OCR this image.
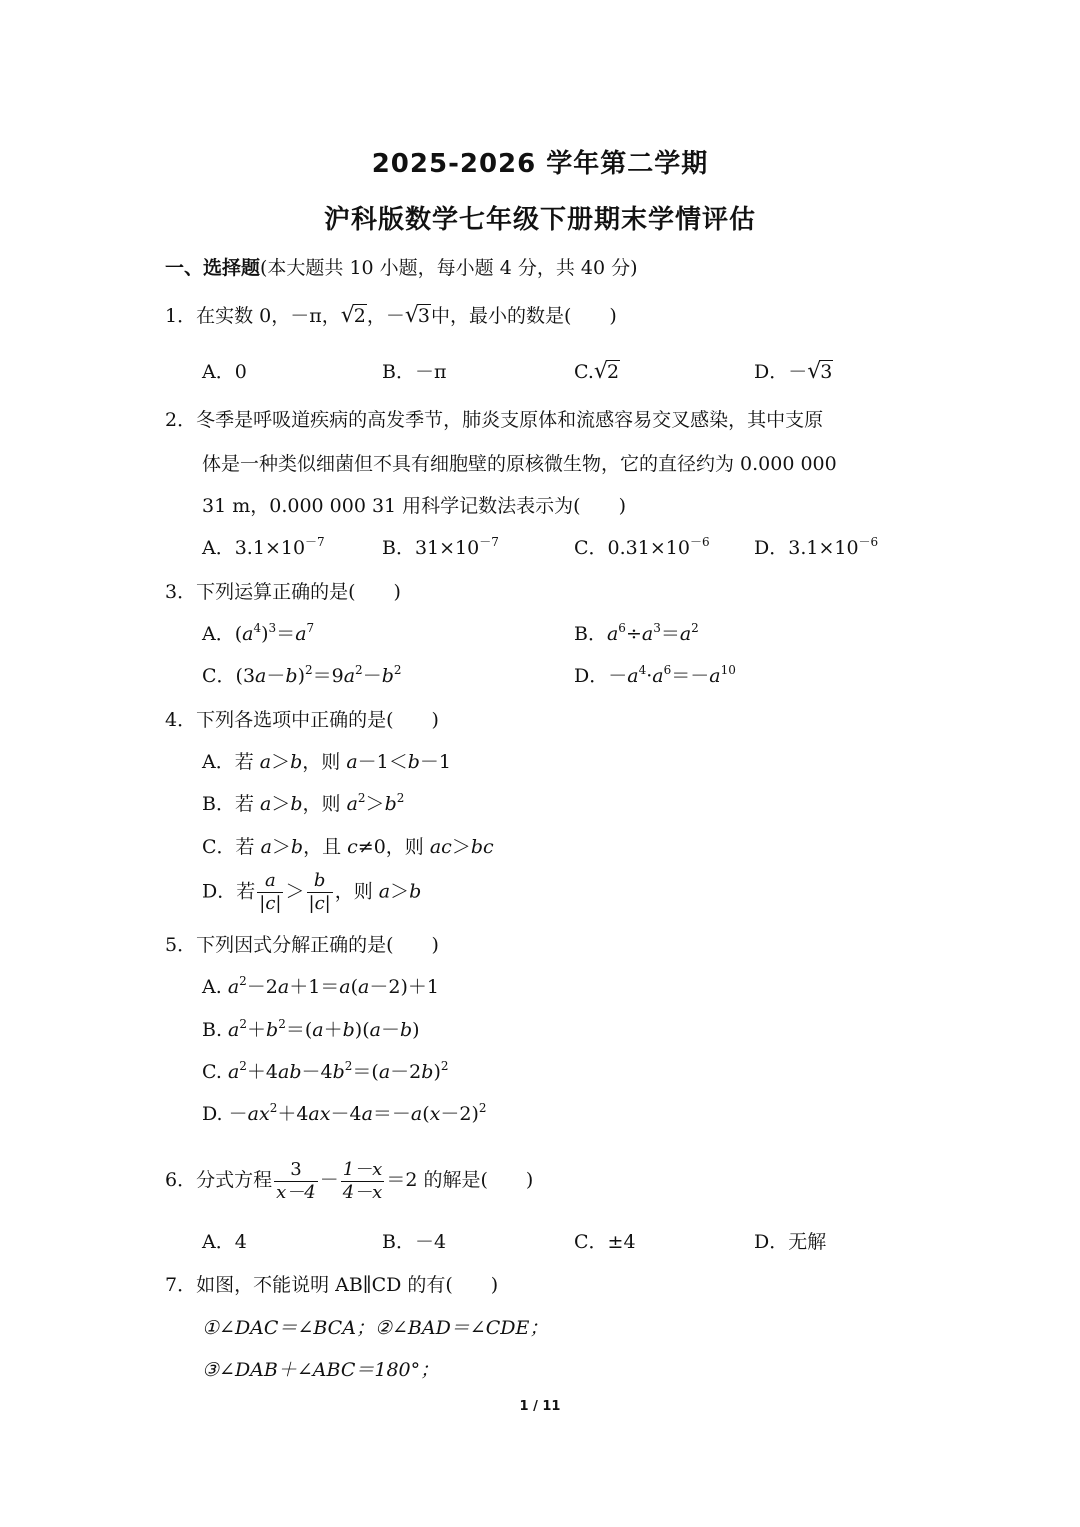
2025-2026 学年第二学期
沪科版数学七年级下册期末学情评估
一、选择题(本大题共 10 小题，每小题 4 分，共 40 分)
1．在实数 0，－π，√2，－√3中，最小的数是(　　)
A．0	B．－π	C.√2	D．－√3
2．冬季是呼吸道疾病的高发季节，肺炎支原体和流感容易交叉感染，其中支原
体是一种类似细菌但不具有细胞壁的原核微生物，它的直径约为 0.000 000
31 m，0.000 000 31 用科学记数法表示为(　　)
A．$3.1\times 10^{-7}$	B．$31\times 10^{-7}$	C．$0.31\times 10^{-6}$ D．$3.1\times 10^{-6}$
3．下列运算正确的是(　　)
A．$(a^4)^3=a^7$	B．$a^6\div a^3=a^2$
C．$(3a-b)^2=9a^2-b^2$	D．$-a^4\cdot a^6=-a^{10}$
4．下列各选项中正确的是(　　)
A．若 a＞b，则 a－1＜b－1
B．若 a＞b，则 $a^2>b^2$
C．若 a＞b，且 c≠0，则 ac＞bc
D．若 $\frac{a}{|c|} > \frac{b}{|c|}$ ，则 a＞b
5．下列因式分解正确的是(　　)
A. $a^2-2a+1=a(a-2)+1$
B. $a^2+b^2=(a+b)(a-b)$
C. $a^2+4ab-4b^2=(a-2b)^2$
D. $-ax^2+4ax-4a=-a(x-2)^2$
6．分式方程 $\frac{3}{x-4} - \frac{1-x}{4-x} =2$ 的解是(　　)
A．4	B．－4	C．±4	D．无解
7．如图，不能说明 AB∥CD 的有(　　)
①∠DAC＝∠BCA；②∠BAD＝∠CDE；
③∠DAB＋∠ABC＝180°；
1 / 11
